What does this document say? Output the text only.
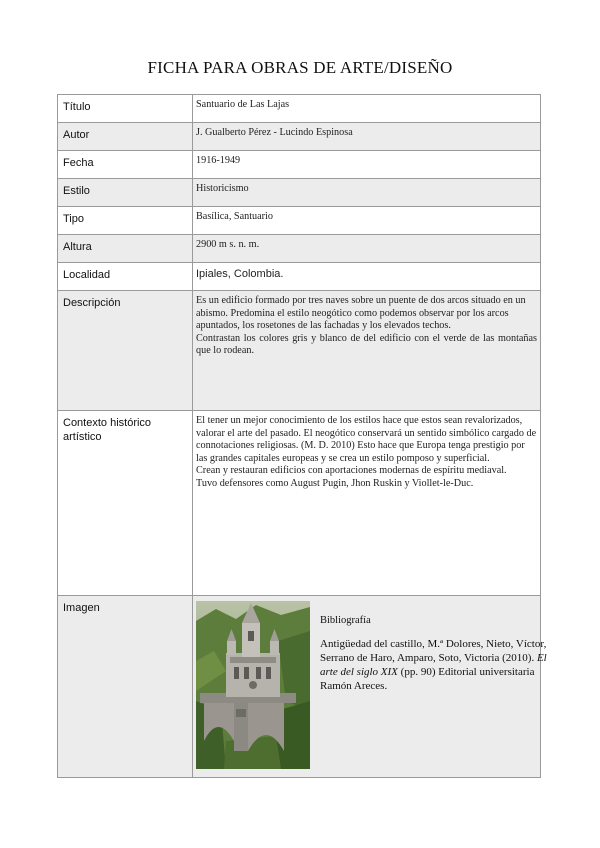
FICHA PARA OBRAS DE ARTE/DISEÑO
Título	Santuario de Las Lajas
Autor	J. Gualberto Pérez - Lucindo Espinosa
Fecha	1916-1949
Estilo	Historicismo
Tipo	Basílica, Santuario
Altura	2900 m s. n. m.
Localidad	Ipiales, Colombia.
Descripción	Es un edificio formado por tres naves sobre un puente de dos arcos situado en un abismo. Predomina el estilo neogótico como podemos observar por los arcos apuntados, los rosetones de las fachadas y los elevados techos.
Contrastan los colores gris y blanco de del edificio con el verde de las montañas que lo rodean.

Contexto histórico artístico	El tener un mejor conocimiento de los estilos hace que estos sean revalorizados, valorar el arte del pasado. El neogótico conservará un sentido simbólico cargado de connotaciones religiosas. (M. D. 2010) Esto hace que Europa tenga prestigio por las grandes capitales europeas y se crea un estilo pomposo y superficial.
Crean y restauran edificios con aportaciones modernas de espíritu mediaval.
Tuvo defensores como August Pugin, Jhon Ruskin y Viollet-le-Duc.

Imagen	Bibliografía
Antigüedad del castillo, M.ª Dolores, Nieto, Víctor, Serrano de Haro, Amparo, Soto, Victoria (2010). El arte del siglo XIX (pp. 90) Editorial universitaria Ramón Areces.
